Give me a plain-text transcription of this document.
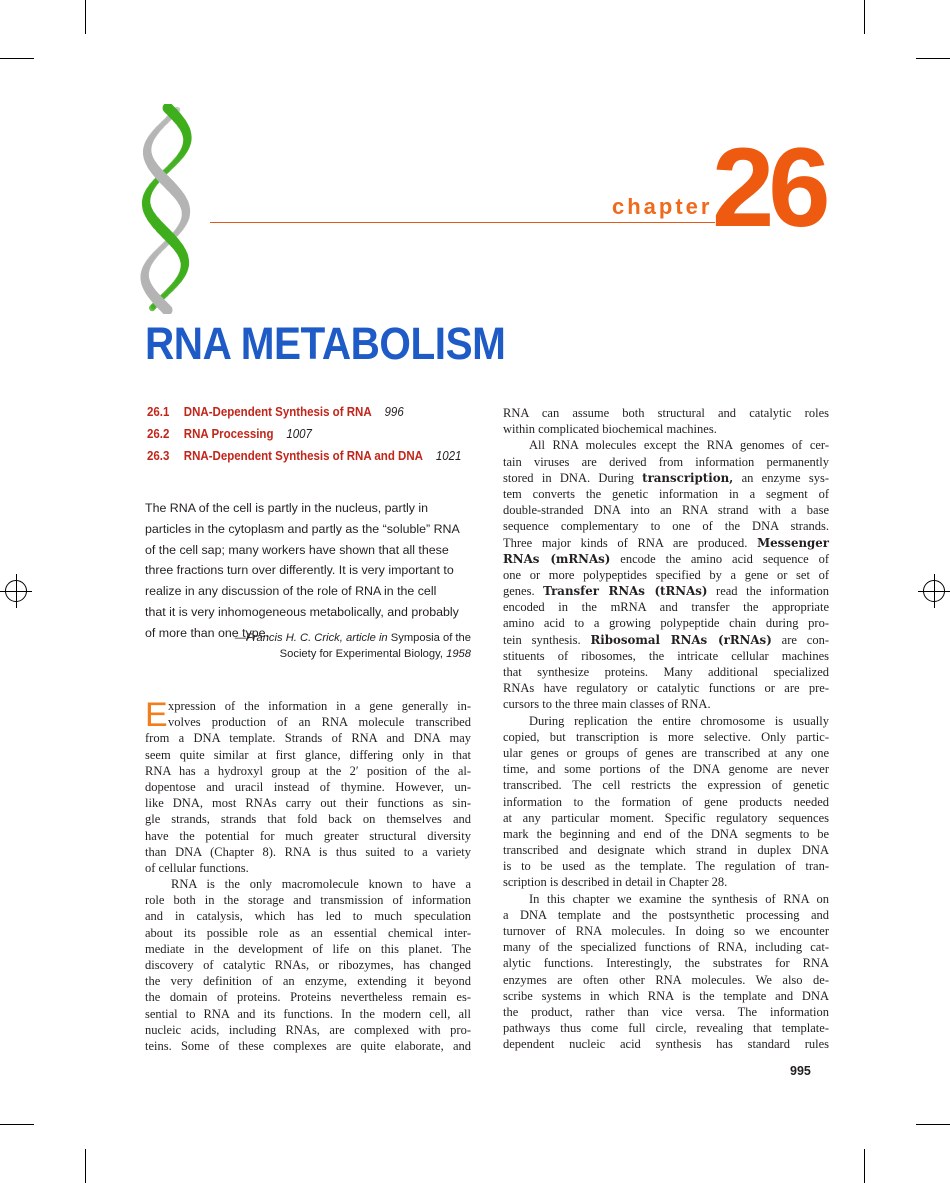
chapter 26
RNA METABOLISM
26.1 DNA-Dependent Synthesis of RNA 996
26.2 RNA Processing 1007
26.3 RNA-Dependent Synthesis of RNA and DNA 1021
The RNA of the cell is partly in the nucleus, partly in
particles in the cytoplasm and partly as the “soluble” RNA
of the cell sap; many workers have shown that all these
three fractions turn over differently. It is very important to
realize in any discussion of the role of RNA in the cell
that it is very inhomogeneous metabolically, and probably
of more than one type.
—Francis H. C. Crick, article in Symposia of the
Society for Experimental Biology, 1958
E xpression of the information in a gene generally in-
volves production of an RNA molecule transcribed
from a DNA template. Strands of RNA and DNA may
seem quite similar at first glance, differing only in that
RNA has a hydroxyl group at the 2′ position of the al-
dopentose and uracil instead of thymine. However, un-
like DNA, most RNAs carry out their functions as sin-
gle strands, strands that fold back on themselves and
have the potential for much greater structural diversity
than DNA (Chapter 8). RNA is thus suited to a variety
of cellular functions.
RNA is the only macromolecule known to have a
role both in the storage and transmission of information
and in catalysis, which has led to much speculation
about its possible role as an essential chemical inter-
mediate in the development of life on this planet. The
discovery of catalytic RNAs, or ribozymes, has changed
the very definition of an enzyme, extending it beyond
the domain of proteins. Proteins nevertheless remain es-
sential to RNA and its functions. In the modern cell, all
nucleic acids, including RNAs, are complexed with pro-
teins. Some of these complexes are quite elaborate, and
RNA can assume both structural and catalytic roles
within complicated biochemical machines.
All RNA molecules except the RNA genomes of cer-
tain viruses are derived from information permanently
stored in DNA. During transcription, an enzyme sys-
tem converts the genetic information in a segment of
double-stranded DNA into an RNA strand with a base
sequence complementary to one of the DNA strands.
Three major kinds of RNA are produced. Messenger
RNAs (mRNAs) encode the amino acid sequence of
one or more polypeptides specified by a gene or set of
genes. Transfer RNAs (tRNAs) read the information
encoded in the mRNA and transfer the appropriate
amino acid to a growing polypeptide chain during pro-
tein synthesis. Ribosomal RNAs (rRNAs) are con-
stituents of ribosomes, the intricate cellular machines
that synthesize proteins. Many additional specialized
RNAs have regulatory or catalytic functions or are pre-
cursors to the three main classes of RNA.
During replication the entire chromosome is usually
copied, but transcription is more selective. Only partic-
ular genes or groups of genes are transcribed at any one
time, and some portions of the DNA genome are never
transcribed. The cell restricts the expression of genetic
information to the formation of gene products needed
at any particular moment. Specific regulatory sequences
mark the beginning and end of the DNA segments to be
transcribed and designate which strand in duplex DNA
is to be used as the template. The regulation of tran-
scription is described in detail in Chapter 28.
In this chapter we examine the synthesis of RNA on
a DNA template and the postsynthetic processing and
turnover of RNA molecules. In doing so we encounter
many of the specialized functions of RNA, including cat-
alytic functions. Interestingly, the substrates for RNA
enzymes are often other RNA molecules. We also de-
scribe systems in which RNA is the template and DNA
the product, rather than vice versa. The information
pathways thus come full circle, revealing that template-
dependent nucleic acid synthesis has standard rules
995
